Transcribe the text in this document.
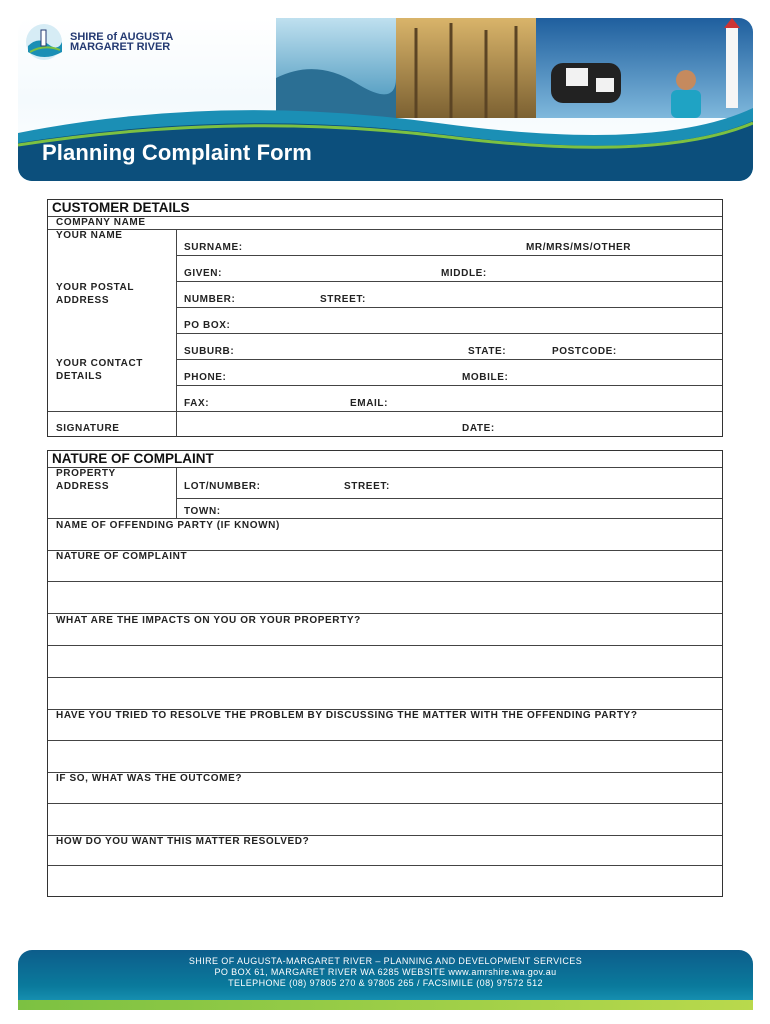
SHIRE of AUGUSTA
MARGARET RIVER
Planning Complaint Form
CUSTOMER DETAILS
COMPANY NAME
YOUR NAME
SURNAME:	MR/MRS/MS/OTHER
GIVEN:	MIDDLE:
YOUR POSTAL
ADDRESS	NUMBER:	STREET:
PO BOX:
SUBURB:	STATE:	POSTCODE:
YOUR CONTACT
DETAILS	PHONE:	MOBILE:
FAX:	EMAIL:
SIGNATURE	DATE:
NATURE OF COMPLAINT
PROPERTY
ADDRESS	LOT/NUMBER:	STREET:
TOWN:
NAME OF OFFENDING PARTY (IF KNOWN)
NATURE OF COMPLAINT
WHAT ARE THE IMPACTS ON YOU OR YOUR PROPERTY?
HAVE YOU TRIED TO RESOLVE THE PROBLEM BY DISCUSSING THE MATTER WITH THE OFFENDING PARTY?
IF SO, WHAT WAS THE OUTCOME?
HOW DO YOU WANT THIS MATTER RESOLVED?
SHIRE OF AUGUSTA-MARGARET RIVER – PLANNING AND DEVELOPMENT SERVICES
PO BOX 61, MARGARET RIVER WA 6285 WEBSITE www.amrshire.wa.gov.au
TELEPHONE (08) 97805 270 & 97805 265 / FACSIMILE (08) 97572 512
